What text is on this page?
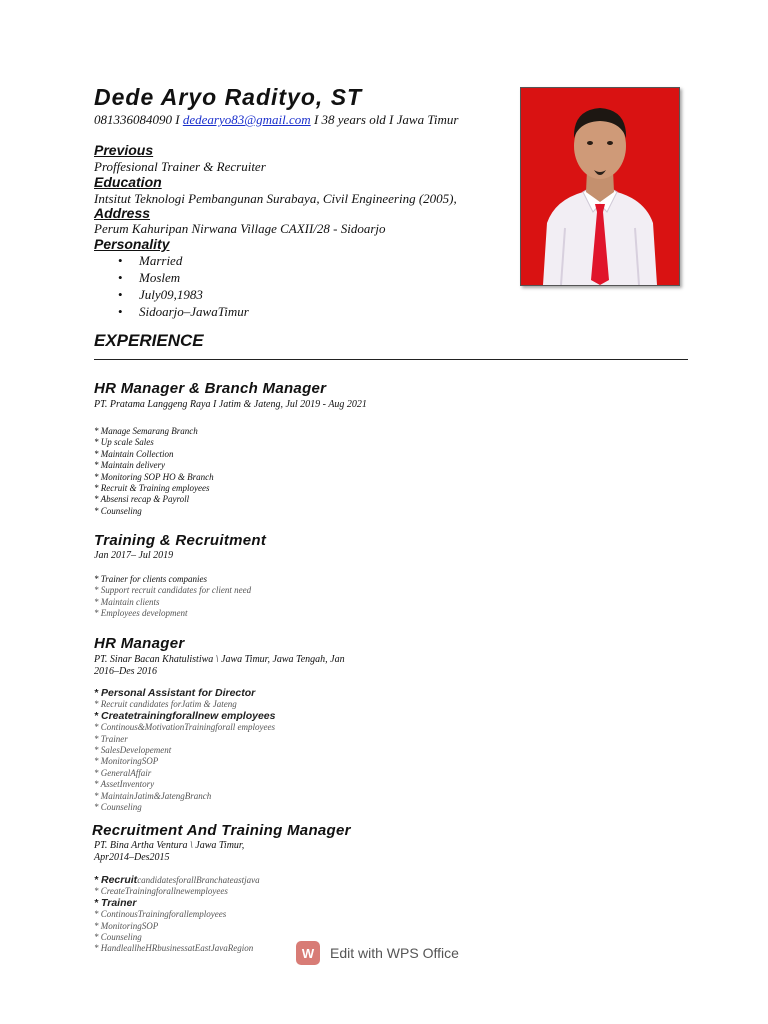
Dede Aryo Radityo, ST
081336084090 I dedearyo83@gmail.com I 38 years old I Jawa Timur
Previous
Proffesional Trainer & Recruiter
Education
Intsitut Teknologi Pembangunan Surabaya, Civil Engineering (2005),
Address
Perum Kahuripan Nirwana Village CAXII/28 - Sidoarjo
Personality
• Married
• Moslem
• July09,1983
• Sidoarjo–JawaTimur
EXPERIENCE
HR Manager & Branch Manager
PT. Pratama Langgeng Raya I Jatim & Jateng, Jul 2019 - Aug 2021
* Manage Semarang Branch
* Up scale Sales
* Maintain Collection
* Maintain delivery
* Monitoring SOP HO & Branch
* Recruit & Training employees
* Absensi recap & Payroll
* Counseling
Training & Recruitment
Jan 2017– Jul 2019
* Trainer for clients companies
* Support recruit candidates for client need
* Maintain clients
* Employees development
HR Manager
PT. Sinar Bacan Khatulistiwa \ Jawa Timur, Jawa Tengah, Jan
2016–Des 2016
* Personal Assistant for Director
* Recruit candidates forJatim & Jateng
* Createtrainingforallnew employees
* Continous&MotivationTrainingforall employees
* Trainer
* SalesDevelopement
* MonitoringSOP
* GeneralAffair
* AssetInventory
* MaintainJatim&JatengBranch
* Counseling
Recruitment And Training Manager
PT. Bina Artha Ventura \ Jawa Timur,
Apr2014–Des2015
* RecruitcandidatesforallBranchateastjava
* CreateTrainingforallnewemployees
* Trainer
* ContinousTrainingforallemployees
* MonitoringSOP
* Counseling
* HandleallheHRbusinessatEastJavaRegion	W	Edit with WPS Office
